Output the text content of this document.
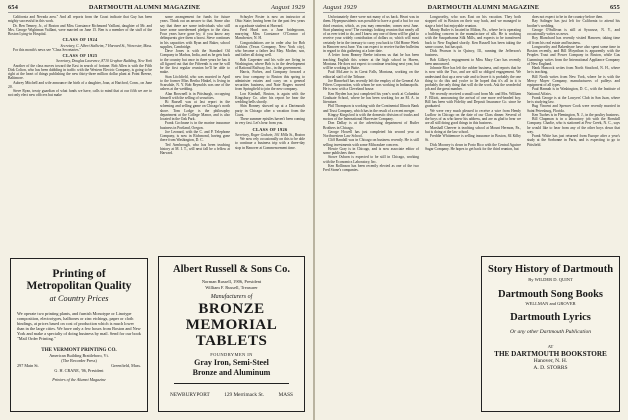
654	DARTMOUTH ALUMNI MAGAZINE	August 1929

California and Nevada area." And all reports from the Coast indicate that Guy has been mighty successful in this work.

Dr. Ben Tenney, Jr., of Boston and Miss Constance Richmond Vaillant, daughter of Mr. and Mrs. George Wightman Vaillant, were married on June 15. Ben is a member of the staff of the Boston Lying-in Hospital.

CLASS OF 1924

Secretary, C. Albert Stalheim, 7 Harvard St., Worcester, Mass.

For this month's news see "Class Secretaries."

CLASS OF 1925

Secretary, Douglas Lawrence, 8710 Graybar Building, New York

Another of the class moves toward the East in search of fortune. Bob Allen is with the Fifth Dirk Colton, who has been dabbling in traffic with the Western Electric Company, is going to be right at the heart of things publishing the new thirty-three million dollar plant at Point Breeze, Baltimore.

Aubrey Mitchell and wife announce the birth of a daughter, Joan, at Hartford, Conn., on June 20.

Steve Ryan, treaty guardian of what funds we have, calls to mind that at our fifth we are to not only elect new officers but make

some arrangement for funds for future years. Think out an answer to that. Some also say that there are some individuals who still have some unredeemed pledges to the class. Four years have gone by; if you know any delinquents give them a boost. Steve continues in his capacities with Ryan and Baker, school supplies, Cambridge.

Dave Jones is with the Standard Oil Company in Madras, India, and as he gets back to the country but once in three years he has it all figured out that the Fifteenth is one he will be the first regular reunion he'll be able to make.

Stan Litchfield, who was married in April to the former Miss Bertha Hinkel, is living in Scarsdale, N. Y. Bob Reynolds was one of the ushers at the wedding.

Alan Brownell is in Pittsburgh, occupying himself with the selling of securities.

Bi Russell was at last report in the scheming and selling game on Chicago's north shore. Tom Lodge is the philosophy department at the College Manor, and is also located in the Oak Park.

Frank Cochrane is in the marine insurance business in Portland, Oregon.

Joe Leonard, with the C. and P. Telephone Company, is now in Richmond, having gone there from Washington, D. C.

Ted Armbrough, who has been teaching history at M. I. T., will next fall be a fellow at Harvard.

Schuyler Foster is now an instructor at Ohio State; having been for the past few years as a graduate student at Harvard.

Fred Hurd was a June bridegroom, marrying Miss Constance O'Connor of Manchester, N. H.

Congratulations are in order also for Bob Cubbins (Texas Company, New York city), who became a father last May. Mother, son, and father all doing well.

Bob Carpenter and his wife are living in Washington, where Bob is in the development of Rational Railway, Inc., in the government.

Harris, Forbes, and Company forward a new four company to Boston this spring to administer estates and carry on a general securities business, and Nate Rogers moved from Springfield to join the new company.

Lon Kimball, Boston, is again with the Kingsbury Co. after his report he bear the wedding bells shortly.

Shin Bonney showed up at a Dartmouth party in Chicago after a vacation from the Coast.

These summer epistles haven't been coming in very fast. Let's hear from you.

CLASS OF 1926

Secretary, Roger Godwin, 101 Mills St., Boston

We now rely occasionally on this to be able to continue a business trip with a three-day stop in Hanover at Commencement time.

Printing of
Metropolitan Quality
at Country Prices
We operate two printing plants, and furnish Monotype or Linotype composition, electrotypes, halftones or zinc etchings, paper or cloth bindings, at prices based on cost of production which is much lower than in the large cities. We have only a few hours from Boston and New York and make a specialty of doing business by mail. Send for our book "Mail Order Printing."
THE VERMONT PRINTING CO.
American Building Brattleboro, Vt.
(The Recorder Press)
297 Main St.	Greenfield, Mass.
G. H. CRANE, '06, President
Printers of the Alumni Magazine
Albert Russell & Sons Co.
Norman Russell, 1906, President
William F. Russell, Treasurer
Manufacturers of
BRONZE
MEMORIAL
TABLETS
FOUNDRYMEN IN
Gray Iron, Semi-Steel
Bronze and Aluminum
NEWBURYPORT	129 Merrimack St.	MASS
August 1929	DARTMOUTH ALUMNI MAGAZINE	655

Unfortunately there were not many of us back. Heart was in them. Hyperpursidents was possible to have a good a but for our third reunion, which, as you may remember, comes next June. Start planning now! The earnings looking reunion that nearly all of us ever tried to do, and I know any one of them will be glad to receive your widely contribution of dollars or, which will most certainly be in the treasury to carry you back to Old Home Week in Hanover next June. You can expect to receive further bulletins in regard to this gathering at a later date.

A letter from Beaney Beebe informs us that he has been teaching English this winter at the high school in Haven, Montana. He does not expect to continue teaching next year, but will be working in Butte.

Paul McLane is in Great Falls, Montana, working on the editorial staff of the Tribune.

Joe Rinnehoff has recently left the employ of the General Air Filters Corporation, with whom he was working in Indianapolis. He is now with a Cleveland house.

Ken Bryden has just completed his year's work at Columbia Graduate School, where he has been working for an M. A. in literature.

Phil Thompson is working with the Continental Illinois Bank and Trust Company, which has in the result of a recent merger.

Kingsy Kingsford is with the domestic division of trucks and motors of the International Harvester Company.

Don Dallay is at the advertising department of Butler Brothers in Chicago.

George Howell has just completed his second year at Northwestern Law School.

Cliff Randall was in Chicago on business recently. He is still selling investments with some Milwaukee concern.

Howie Gray is in Chicago, and is now associate editor of some publishers there.

Stowe Osborn is expected to be still in Chicago, working with the Economics Laboratory, Inc.

Ken Rollinson has been recently elected as one of the two Fred Stone's companies.

Longworthy, who was East on his vacation. They both stopped off in Boston on their way back, and we managed to stage a brief but enjoyable reunion.

Monty Butler is located in Milton, Pa., where he is operating a building concern in the manufacture of silk. He is working with the Susquehanna Silk Mills, and expects to be transferred back to New England shortly. Ken Russell has been taking the same course, but has quit.

Dick Pearson is in Quincy, Ill., running the Jefferson's business.

Bob Gilkey's engagement to Miss Mary Carr has recently been announced.

Johnnie Rice has left the rubber business, and reports that he is now with the Two, and are still so obliged engagement. We understand that up a new sale and to leave it is probably the one thing to do this and you're to lie hoped that it's all in it is probably the only thing that will do the work. Ask the wonderful job and the great number.

We recently received a small card from Mr. and Mrs. William F. Elliott, announcing the arrival of one more red-headed boy. Bill has been with Fidelity and Deposit Insurance Co. since he graduated.

We were very much pleased to receive a wire from Hendy Ludlow in Chicago on the date of our Class dinner. Several of the boys of us who knew his address, and are as glad to hear we are all still doing good things in this business.

Marshall Cheever is teaching school at Mount Hermon, Pa., but is doing at the law school.

Freddie Whittemore is selling insurance in Boston, 84 Kilby St.

Dick Mooney is down in Porto Rico with the Central Aguirre Sugar Company. He hopes to get back for the third reunion, but

does not expect to be in the country before then.

Ray Salinger has just left for California to attend his brother's wedding.

George O'Sullivan is still at Syracuse, N. Y., and occasionally writes us news.

Roy Blanchard has recently visited Hanover, taking time off from his real estate and business.

Longworthy and Bakenhyne have also spent some time in Boston recently, and Bill Moynihan is apparently with the Peoples Trust and Power Company in Boston, while Gus Cummings writes from the International Appliance Company of New England.

Hank Hancock writes from North Stratford, N. H., where he is teaching.

Bill North writes from New York, where he is with the Mercy Mayer Company, manufacturers of pulleys and equipment of all types.

Paul Hannah is in Washington, D. C., with the Institute of National Affairs.

Frank George is at the Lawyers' Club in San Juan, where he is studying law.

Bug Vincent and Spencer Cook were recently married in Saint Petersburg, Florida.

Ken Tuohes is in Flemington, N. J., in the poultry business.

Bill Chapman is in a laboratory job with the Borsdall Company. Charlie, who is stationed at Pew Creek, N. C., says he would like to hear from any of the other boys down that way.

Frank White has just returned from Europe after a year's study at the Sorbonne in Paris, and is expecting to go to Pittsfield.

Story History of Dartmouth
By WILDER D. QUINT
Dartmouth Song Books
WELLMAN and GROVER
Dartmouth Lyrics
Or any other Dartmouth Publication
AT
THE DARTMOUTH BOOKSTORE
Hanover, N. H.
A. D. STORRS
